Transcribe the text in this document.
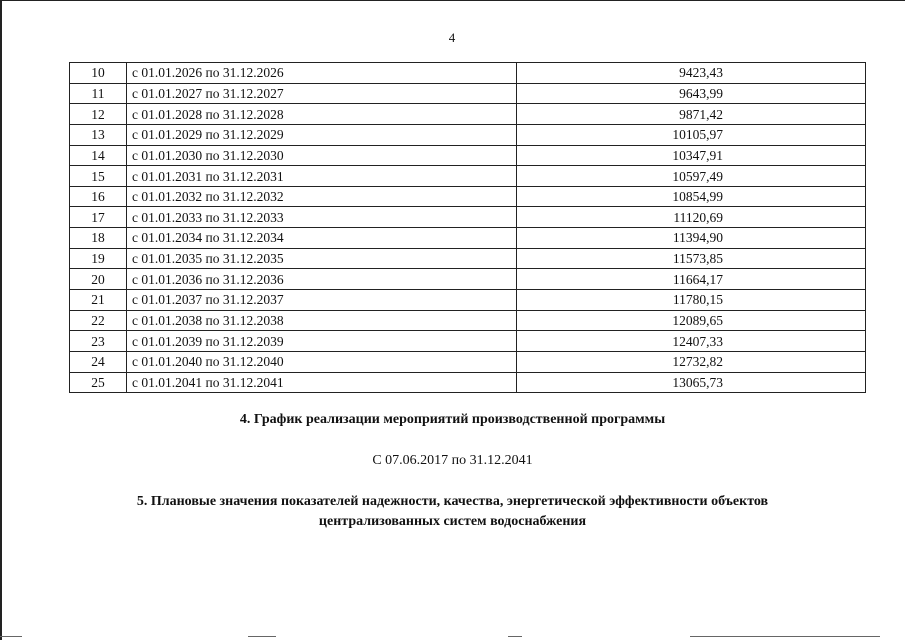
4
10	с 01.01.2026 по 31.12.2026	9423,43
11	с 01.01.2027 по 31.12.2027	9643,99
12	с 01.01.2028 по 31.12.2028	9871,42
13	с 01.01.2029 по 31.12.2029	10105,97
14	с 01.01.2030 по 31.12.2030	10347,91
15	с 01.01.2031 по 31.12.2031	10597,49
16	с 01.01.2032 по 31.12.2032	10854,99
17	с 01.01.2033 по 31.12.2033	11120,69
18	с 01.01.2034 по 31.12.2034	11394,90
19	с 01.01.2035 по 31.12.2035	11573,85
20	с 01.01.2036 по 31.12.2036	11664,17
21	с 01.01.2037 по 31.12.2037	11780,15
22	с 01.01.2038 по 31.12.2038	12089,65
23	с 01.01.2039 по 31.12.2039	12407,33
24	с 01.01.2040 по 31.12.2040	12732,82
25	с 01.01.2041 по 31.12.2041	13065,73
4. График реализации мероприятий производственной программы
С 07.06.2017 по 31.12.2041
5. Плановые значения показателей надежности, качества, энергетической эффективности объектов
централизованных систем водоснабжения
